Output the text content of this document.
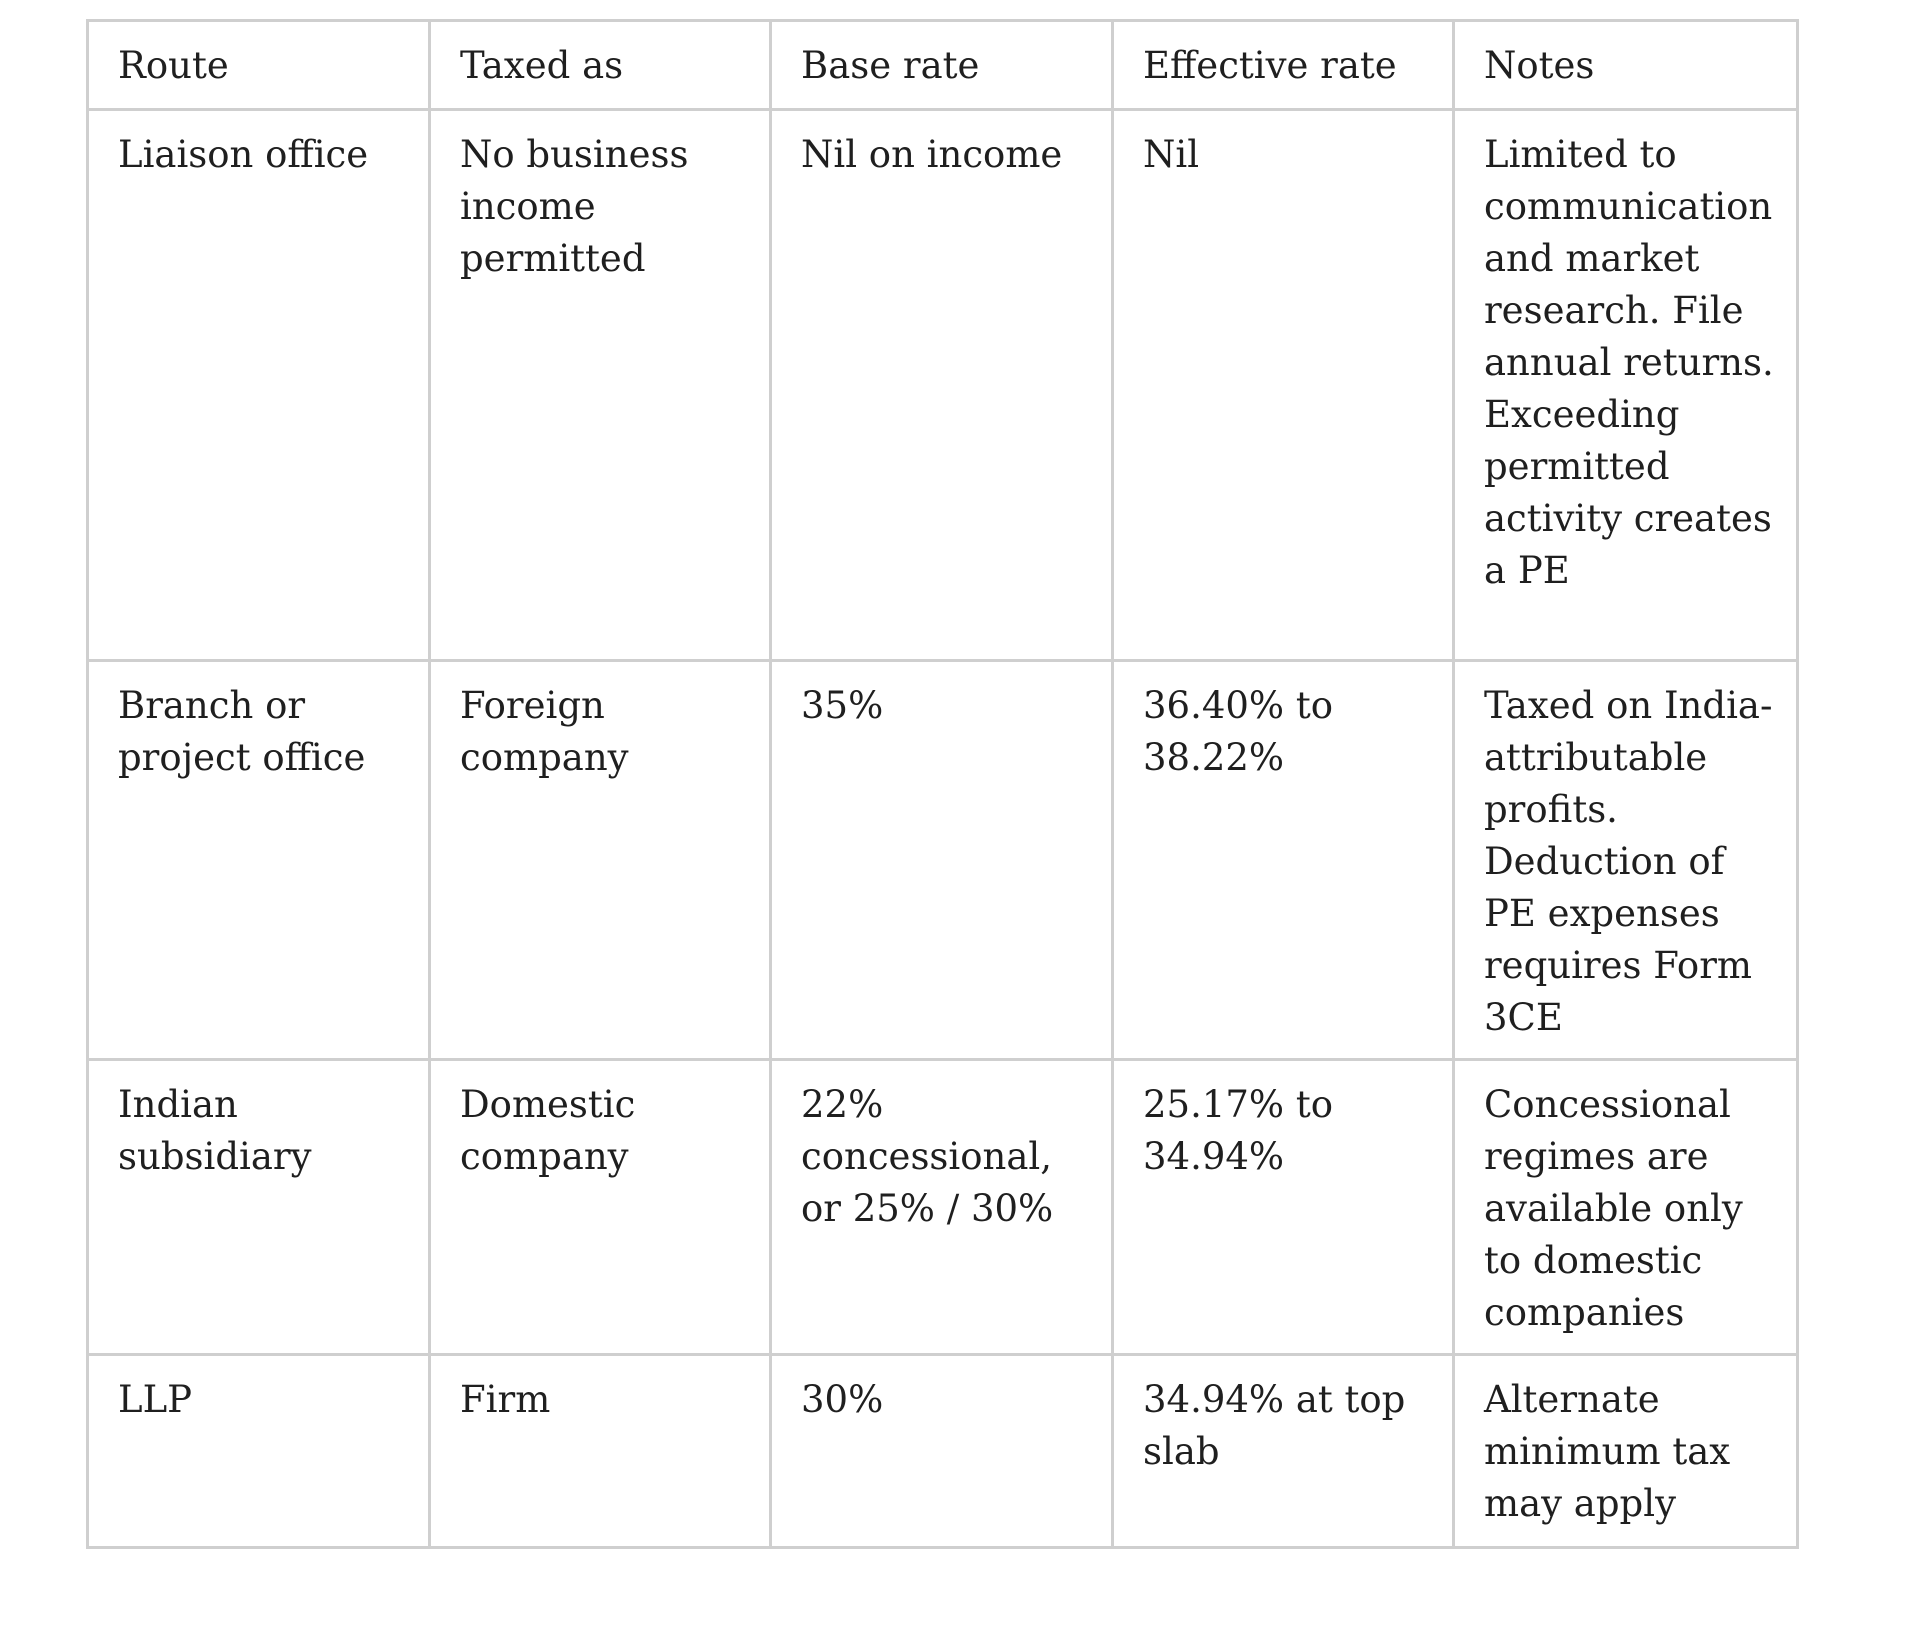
Route	Taxed as	Base rate	Effective rate	Notes
Liaison office	No business income permitted	Nil on income	Nil	Limited to communication and market research. File annual returns. Exceeding permitted activity creates a PE
Branch or project office	Foreign company	35%	36.40% to 38.22%	Taxed on India-attributable profits. Deduction of PE expenses requires Form 3CE
Indian subsidiary	Domestic company	22% concessional, or 25% / 30%	25.17% to 34.94%	Concessional regimes are available only to domestic companies
LLP	Firm	30%	34.94% at top slab	Alternate minimum tax may apply
